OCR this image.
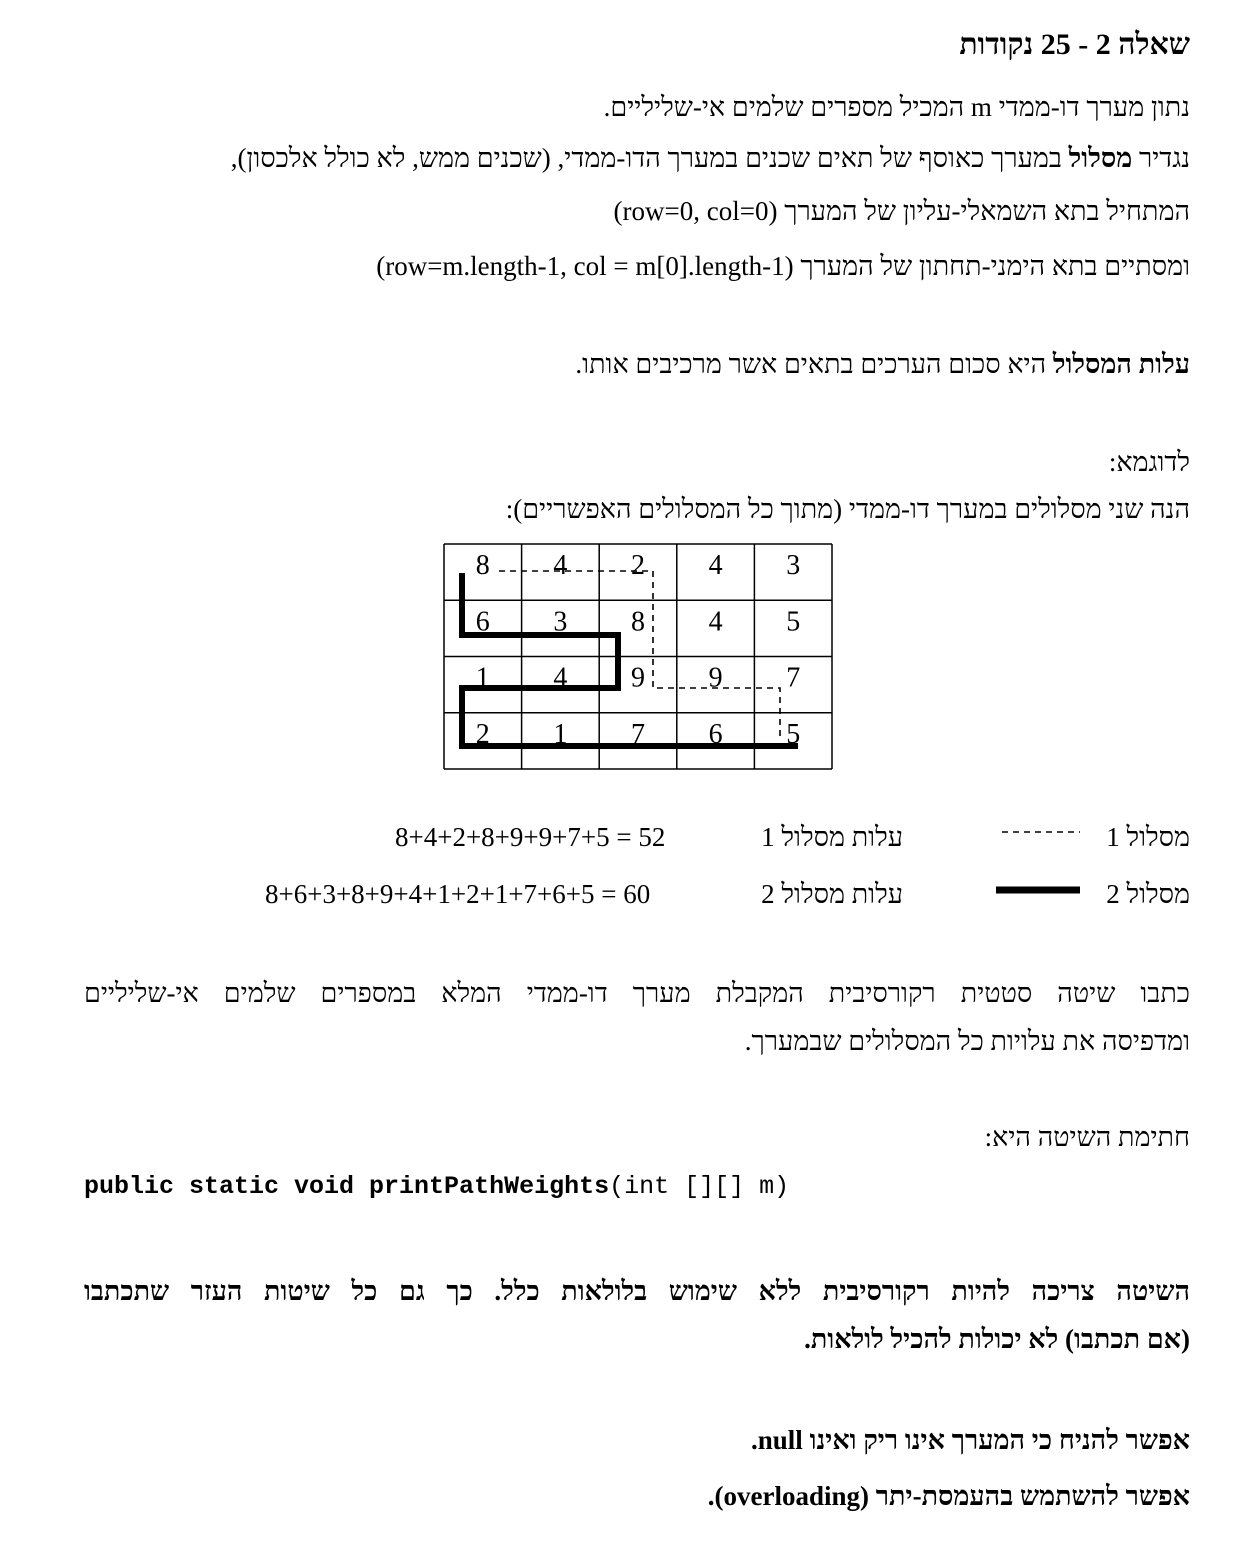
שאלה 2 - 25 נקודות
נתון מערך דו-ממדי m המכיל מספרים שלמים אי-שליליים.
נגדיר מסלול במערך כאוסף של תאים שכנים במערך הדו-ממדי, (שכנים ממש, לא כולל אלכסון),
המתחיל בתא השמאלי-עליון של המערך (row=0, col=0)
ומסתיים בתא הימני-תחתון של המערך (row=m.length-1, col = m[0].length-1)
עלות המסלול היא סכום הערכים בתאים אשר מרכיבים אותו.
לדוגמא:
הנה שני מסלולים במערך דו-ממדי (מתוך כל המסלולים האפשריים):
8 4 2 4 3
6 3 8 4 5
1 4 9 9 7
2 1 7 6 5
מסלול 1
עלות מסלול 1
8+4+2+8+9+9+7+5 = 52
מסלול 2
עלות מסלול 2
8+6+3+8+9+4+1+2+1+7+6+5 = 60
כתבו שיטה סטטית רקורסיבית המקבלת מערך דו-ממדי המלא במספרים שלמים אי-שליליים
ומדפיסה את עלויות כל המסלולים שבמערך.
חתימת השיטה היא:
public static void printPathWeights(int [][] m)
השיטה צריכה להיות רקורסיבית ללא שימוש בלולאות כלל. כך גם כל שיטות העזר שתכתבו
(אם תכתבו) לא יכולות להכיל לולאות.
אפשר להניח כי המערך אינו ריק ואינו null.
אפשר להשתמש בהעמסת-יתר (overloading).
